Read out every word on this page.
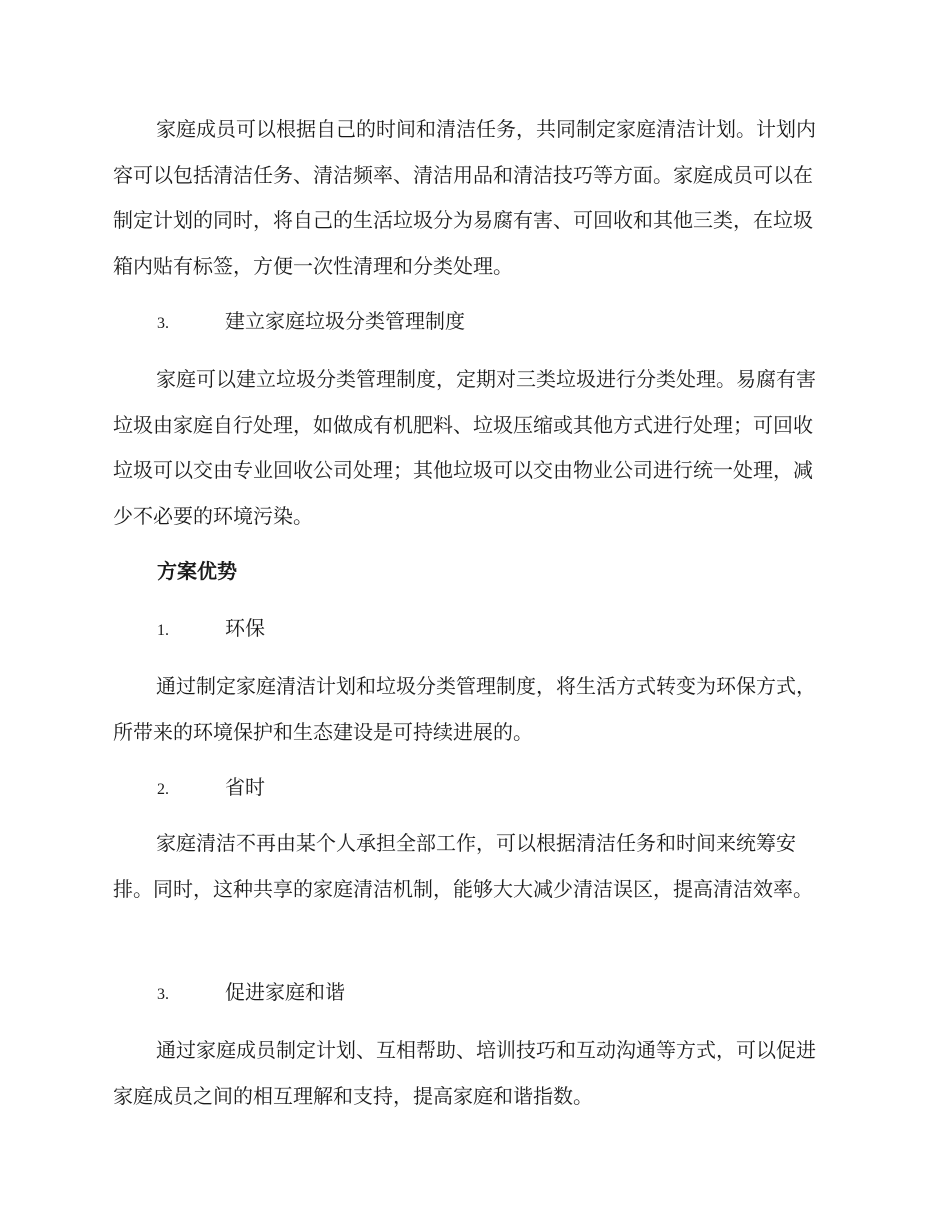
家庭成员可以根据自己的时间和清洁任务，共同制定家庭清洁计划。计划内容可以包括清洁任务、清洁频率、清洁用品和清洁技巧等方面。家庭成员可以在制定计划的同时，将自己的生活垃圾分为易腐有害、可回收和其他三类，在垃圾箱内贴有标签，方便一次性清理和分类处理。

3.	建立家庭垃圾分类管理制度

家庭可以建立垃圾分类管理制度，定期对三类垃圾进行分类处理。易腐有害垃圾由家庭自行处理，如做成有机肥料、垃圾压缩或其他方式进行处理；可回收垃圾可以交由专业回收公司处理；其他垃圾可以交由物业公司进行统一处理，减少不必要的环境污染。

方案优势

1.	环保

通过制定家庭清洁计划和垃圾分类管理制度，将生活方式转变为环保方式，所带来的环境保护和生态建设是可持续进展的。

2.	省时

家庭清洁不再由某个人承担全部工作，可以根据清洁任务和时间来统筹安排。同时，这种共享的家庭清洁机制，能够大大减少清洁误区，提高清洁效率。

3.	促进家庭和谐

通过家庭成员制定计划、互相帮助、培训技巧和互动沟通等方式，可以促进家庭成员之间的相互理解和支持，提高家庭和谐指数。
